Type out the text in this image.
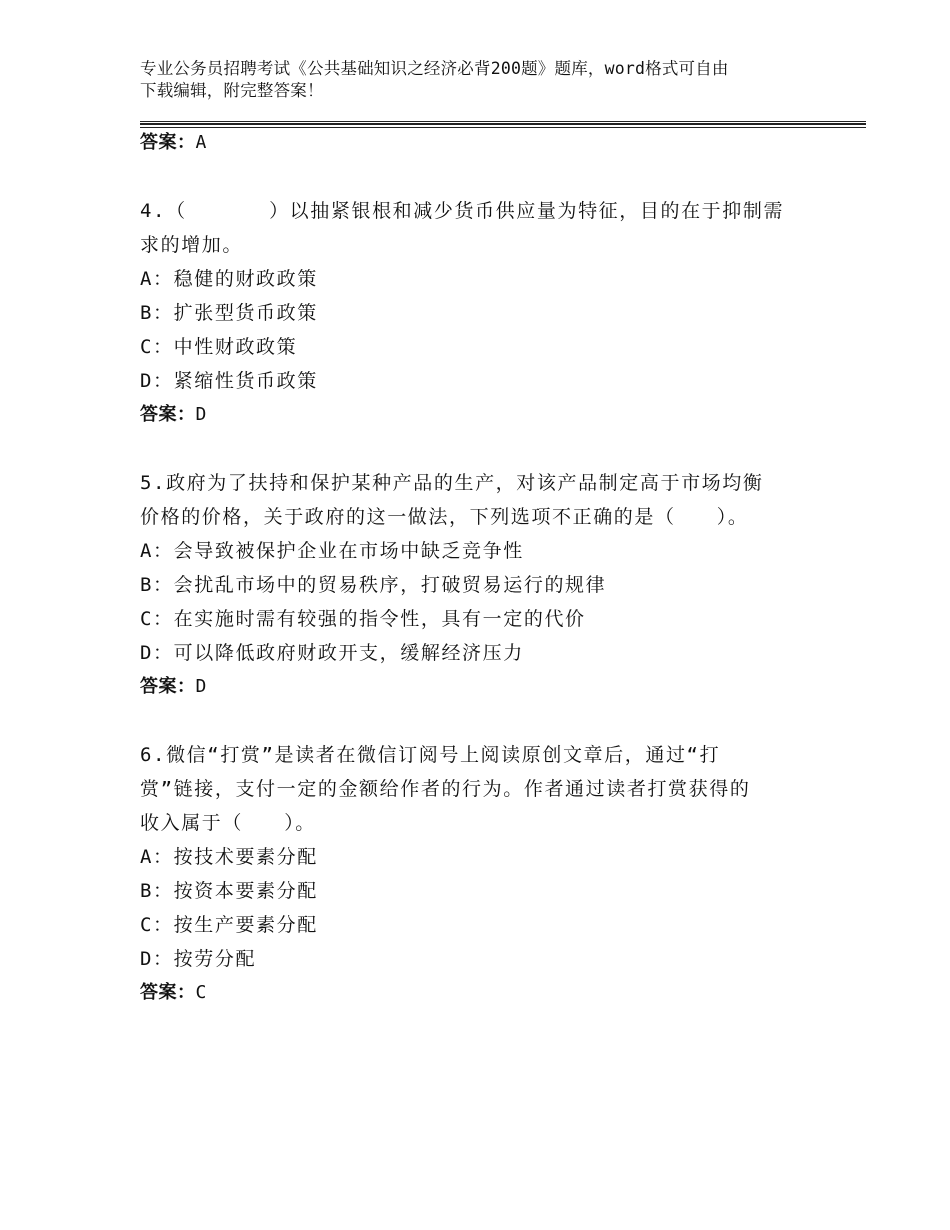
专业公务员招聘考试《公共基础知识之经济必背200题》题库，word格式可自由
下载编辑，附完整答案！
答案：A
4.（　　　　）以抽紧银根和减少货币供应量为特征，目的在于抑制需
求的增加。
A：稳健的财政政策
B：扩张型货币政策
C：中性财政政策
D：紧缩性货币政策
答案：D
5.政府为了扶持和保护某种产品的生产，对该产品制定高于市场均衡
价格的价格，关于政府的这一做法，下列选项不正确的是（　　）。
A：会导致被保护企业在市场中缺乏竞争性
B：会扰乱市场中的贸易秩序，打破贸易运行的规律
C：在实施时需有较强的指令性，具有一定的代价
D：可以降低政府财政开支，缓解经济压力
答案：D
6.微信“打赏”是读者在微信订阅号上阅读原创文章后，通过“打
赏”链接，支付一定的金额给作者的行为。作者通过读者打赏获得的
收入属于（　　）。
A：按技术要素分配
B：按资本要素分配
C：按生产要素分配
D：按劳分配
答案：C
